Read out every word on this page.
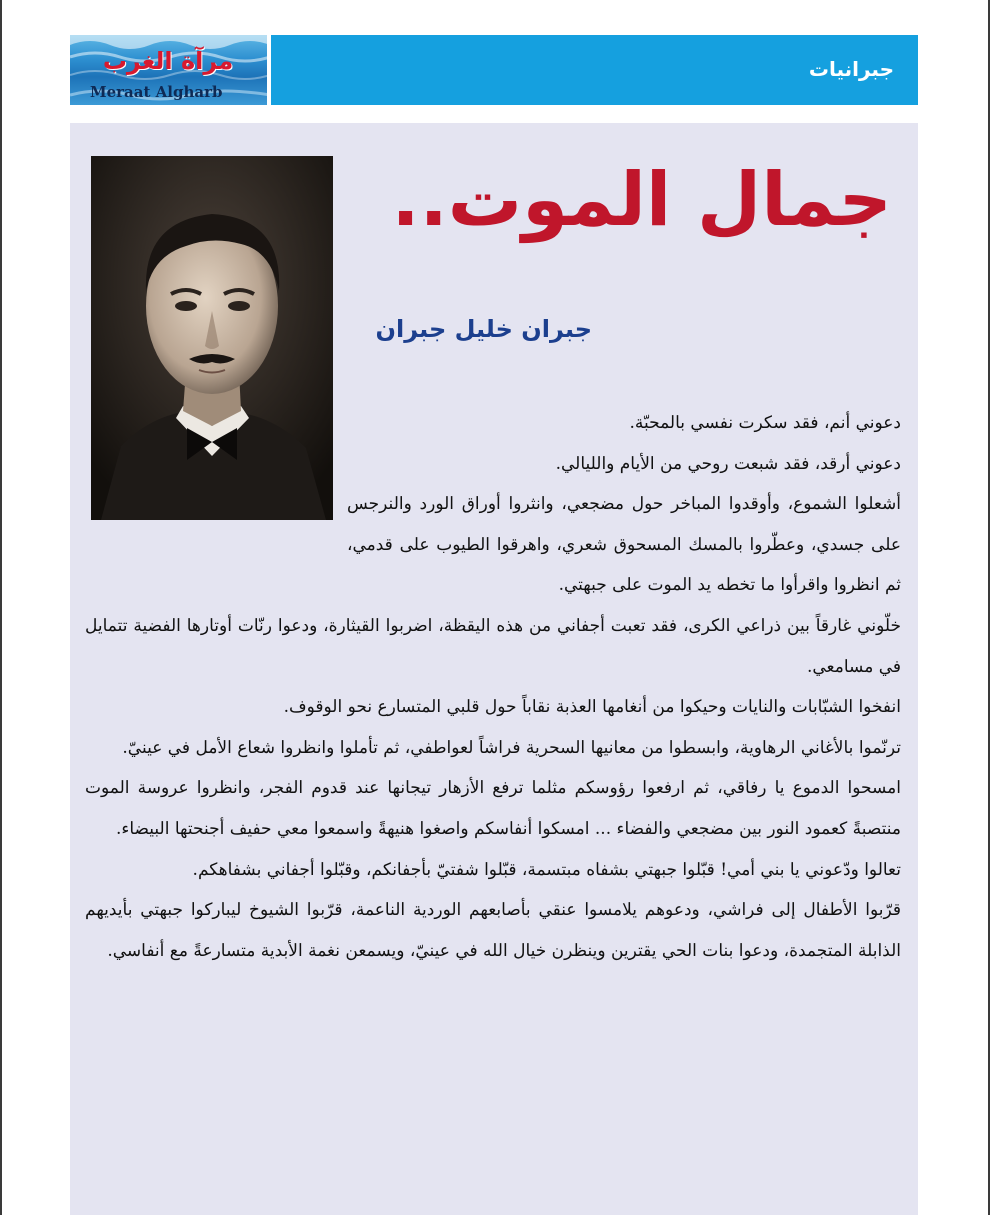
مرآة الغرب
Meraat Algharb
جبرانيات
جمال الموت..
جبران خليل جبران

دعوني أنم، فقد سكرت نفسي بالمحبّة.

دعوني أرقد، فقد شبعت روحي من الأيام والليالي.

أشعلوا الشموع، وأوقدوا المباخر حول مضجعي، وانثروا أوراق الورد والنرجس على جسدي، وعطّروا بالمسك المسحوق شعري، واهرقوا الطيوب على قدمي، ثم انظروا واقرأوا ما تخطه يد الموت على جبهتي.

خلّوني غارقاً بين ذراعي الكرى، فقد تعبت أجفاني من هذه اليقظة، اضربوا القيثارة، ودعوا رنّات أوتارها الفضية تتمايل في مسامعي.

انفخوا الشبّابات والنايات وحيكوا من أنغامها العذبة نقاباً حول قلبي المتسارع نحو الوقوف.

ترنّموا بالأغاني الرهاوية، وابسطوا من معانيها السحرية فراشاً لعواطفي، ثم تأملوا وانظروا شعاع الأمل في عينيّ.

امسحوا الدموع يا رفاقي، ثم ارفعوا رؤوسكم مثلما ترفع الأزهار تيجانها عند قدوم الفجر، وانظروا عروسة الموت منتصبةً كعمود النور بين مضجعي والفضاء ... امسكوا أنفاسكم واصغوا هنيهةً واسمعوا معي حفيف أجنحتها البيضاء.

تعالوا ودّعوني يا بني أمي! قبّلوا جبهتي بشفاه مبتسمة، قبّلوا شفتيّ بأجفانكم، وقبّلوا أجفاني بشفاهكم.

قرّبوا الأطفال إلى فراشي، ودعوهم يلامسوا عنقي بأصابعهم الوردية الناعمة، قرّبوا الشيوخ ليباركوا جبهتي بأيديهم الذابلة المتجمدة، ودعوا بنات الحي يقترين وينظرن خيال الله في عينيّ، ويسمعن نغمة الأبدية متسارعةً مع أنفاسي.
